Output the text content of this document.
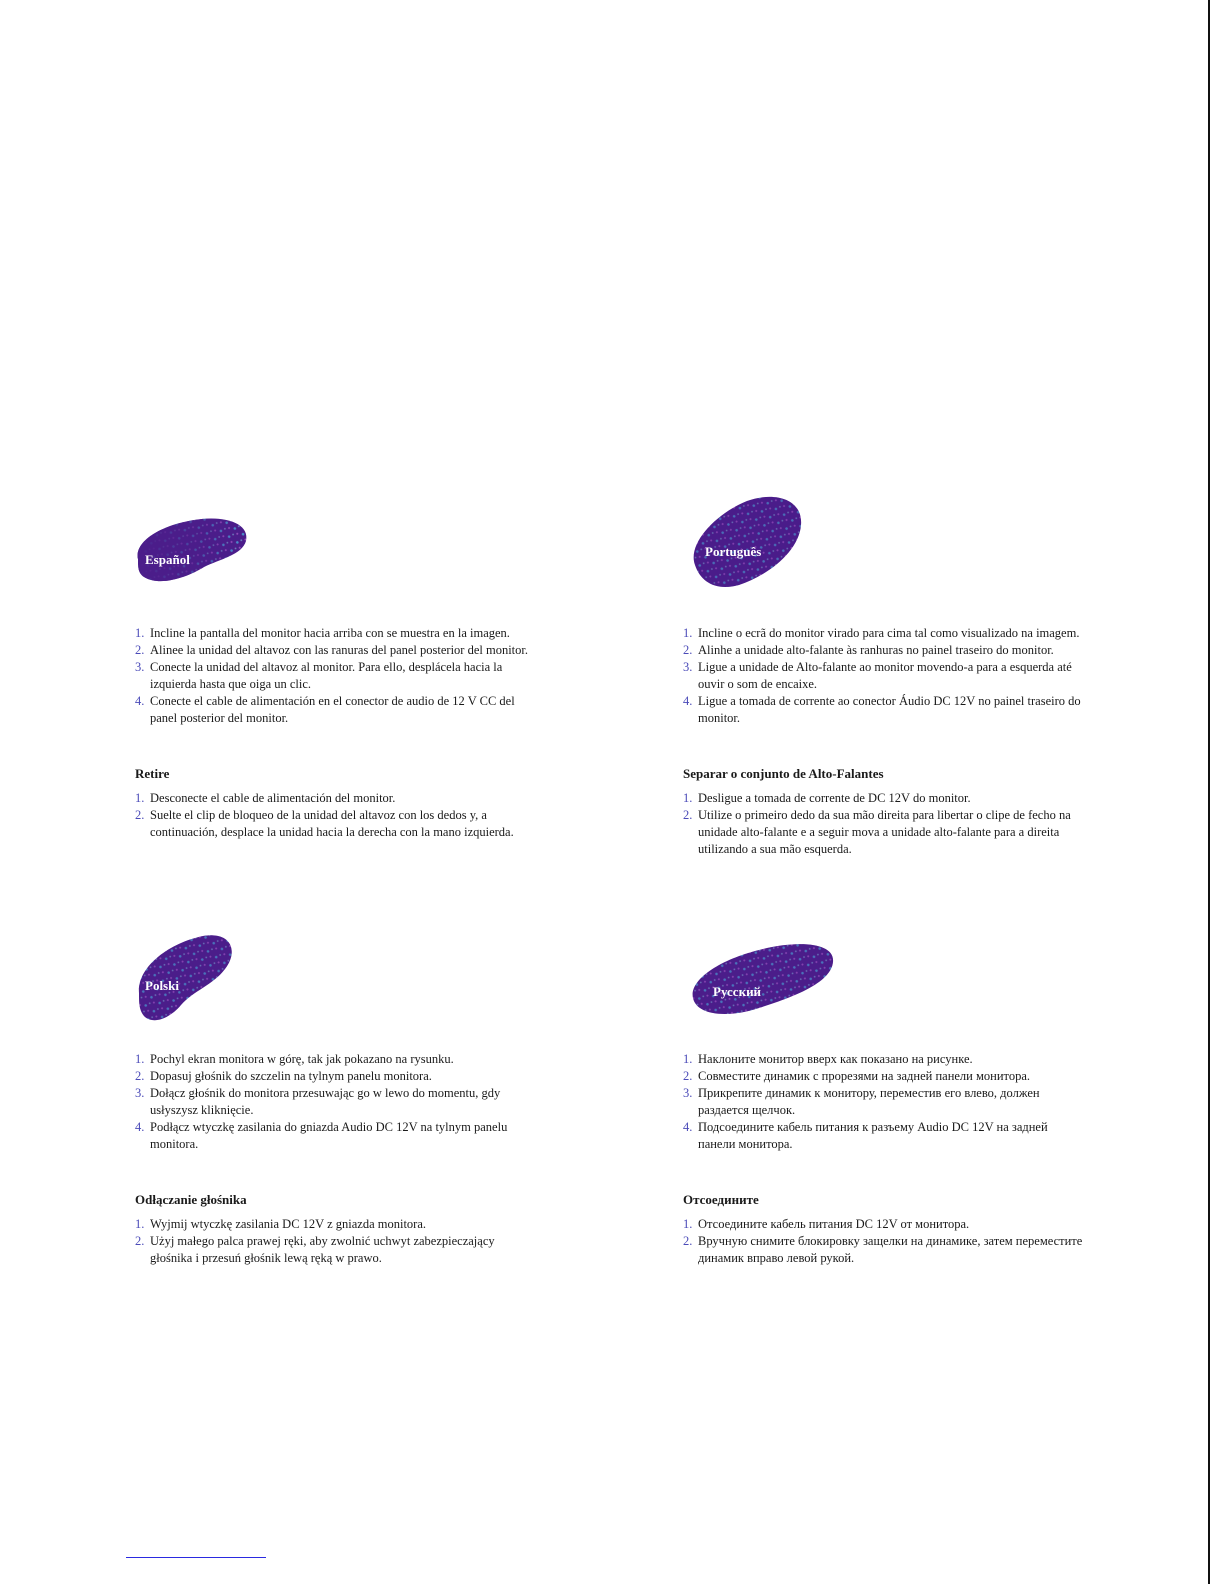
Español
1. Incline la pantalla del monitor hacia arriba con se muestra en la imagen.
2. Alinee la unidad del altavoz con las ranuras del panel posterior del monitor.
3. Conecte la unidad del altavoz al monitor. Para ello, desplácela hacia la izquierda hasta que oiga un clic.
4. Conecte el cable de alimentación en el conector de audio de 12 V CC del panel posterior del monitor.
Retire
1. Desconecte el cable de alimentación del monitor.
2. Suelte el clip de bloqueo de la unidad del altavoz con los dedos y, a continuación, desplace la unidad hacia la derecha con la mano izquierda.
Português
1. Incline o ecrã do monitor virado para cima tal como visualizado na imagem.
2. Alinhe a unidade alto-falante às ranhuras no painel traseiro do monitor.
3. Ligue a unidade de Alto-falante ao monitor movendo-a para a esquerda até ouvir o som de encaixe.
4. Ligue a tomada de corrente ao conector Áudio DC 12V no painel traseiro do monitor.
Separar o conjunto de Alto-Falantes
1. Desligue a tomada de corrente de DC 12V do monitor.
2. Utilize o primeiro dedo da sua mão direita para libertar o clipe de fecho na unidade alto-falante e a seguir mova a unidade alto-falante para a direita utilizando a sua mão esquerda.
Polski
1. Pochyl ekran monitora w górę, tak jak pokazano na rysunku.
2. Dopasuj głośnik do szczelin na tylnym panelu monitora.
3. Dołącz głośnik do monitora przesuwając go w lewo do momentu, gdy usłyszysz kliknięcie.
4. Podłącz wtyczkę zasilania do gniazda Audio DC 12V na tylnym panelu monitora.
Odłączanie głośnika
1. Wyjmij wtyczkę zasilania DC 12V z gniazda monitora.
2. Użyj małego palca prawej ręki, aby zwolnić uchwyt zabezpieczający głośnika i przesuń głośnik lewą ręką w prawo.
Русский
1. Наклоните монитор вверх как показано на рисунке.
2. Совместите динамик с прорезями на задней панели монитора.
3. Прикрепите динамик к монитору, переместив его влево, должен раздается щелчок.
4. Подсоедините кабель питания к разъему Audio DC 12V на задней панели монитора.
Отсоедините
1. Отсоедините кабель питания DC 12V от монитора.
2. Вручную снимите блокировку защелки на динамике, затем переместите динамик вправо левой рукой.
